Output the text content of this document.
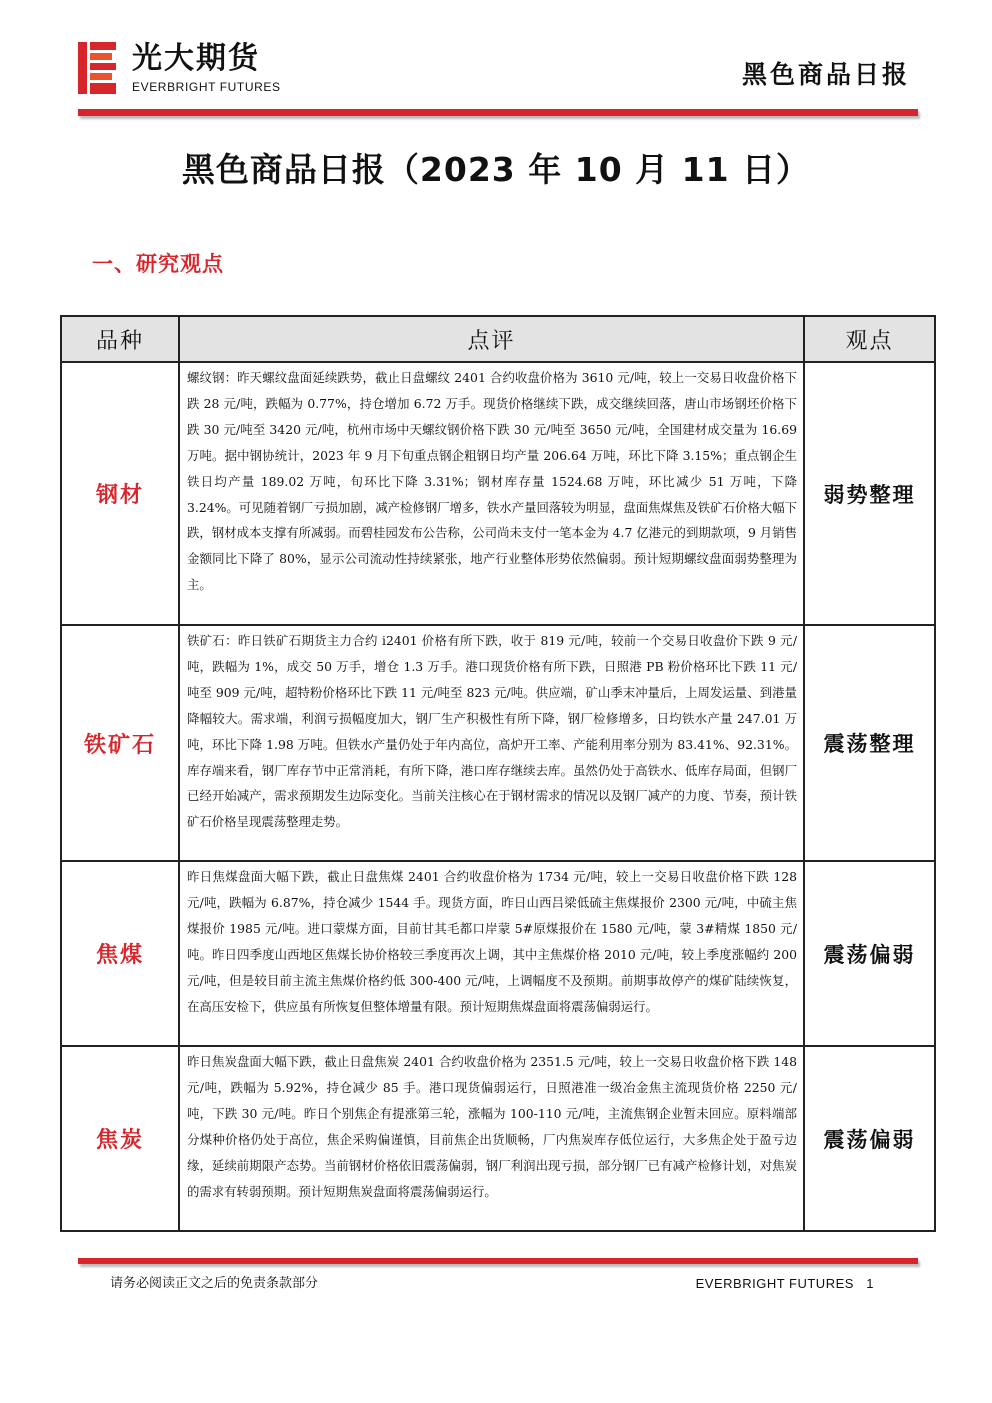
光大期货
EVERBRIGHT FUTURES	黑色商品日报
黑色商品日报（2023 年 10 月 11 日）
一、研究观点
品种	点评	观点
钢材	螺纹钢：昨天螺纹盘面延续跌势，截止日盘螺纹 2401 合约收盘价格为 3610 元/吨，较上一交易日收盘价格下跌 28 元/吨，跌幅为 0.77%，持仓增加 6.72 万手。现货价格继续下跌，成交继续回落，唐山市场钢坯价格下跌 30 元/吨至 3420 元/吨，杭州市场中天螺纹钢价格下跌 30 元/吨至 3650 元/吨，全国建材成交量为 16.69 万吨。据中钢协统计，2023 年 9 月下旬重点钢企粗钢日均产量 206.64 万吨，环比下降 3.15%；重点钢企生铁日均产量 189.02 万吨，旬环比下降 3.31%；钢材库存量 1524.68 万吨，环比减少 51 万吨，下降 3.24%。可见随着钢厂亏损加剧，减产检修钢厂增多，铁水产量回落较为明显，盘面焦煤焦及铁矿石价格大幅下跌，钢材成本支撑有所减弱。而碧桂园发布公告称，公司尚未支付一笔本金为 4.7 亿港元的到期款项，9 月销售金额同比下降了 80%，显示公司流动性持续紧张，地产行业整体形势依然偏弱。预计短期螺纹盘面弱势整理为主。	弱势整理
铁矿石	铁矿石：昨日铁矿石期货主力合约 i2401 价格有所下跌，收于 819 元/吨，较前一个交易日收盘价下跌 9 元/吨，跌幅为 1%，成交 50 万手，增仓 1.3 万手。港口现货价格有所下跌，日照港 PB 粉价格环比下跌 11 元/吨至 909 元/吨，超特粉价格环比下跌 11 元/吨至 823 元/吨。供应端，矿山季末冲量后，上周发运量、到港量降幅较大。需求端，利润亏损幅度加大，钢厂生产积极性有所下降，钢厂检修增多，日均铁水产量 247.01 万吨，环比下降 1.98 万吨。但铁水产量仍处于年内高位，高炉开工率、产能利用率分别为 83.41%、92.31%。库存端来看，钢厂库存节中正常消耗，有所下降，港口库存继续去库。虽然仍处于高铁水、低库存局面，但钢厂已经开始减产，需求预期发生边际变化。当前关注核心在于钢材需求的情况以及钢厂减产的力度、节奏，预计铁矿石价格呈现震荡整理走势。	震荡整理
焦煤	昨日焦煤盘面大幅下跌，截止日盘焦煤 2401 合约收盘价格为 1734 元/吨，较上一交易日收盘价格下跌 128 元/吨，跌幅为 6.87%，持仓减少 1544 手。现货方面，昨日山西吕梁低硫主焦煤报价 2300 元/吨，中硫主焦煤报价 1985 元/吨。进口蒙煤方面，目前甘其毛都口岸蒙 5#原煤报价在 1580 元/吨，蒙 3#精煤 1850 元/吨。昨日四季度山西地区焦煤长协价格较三季度再次上调，其中主焦煤价格 2010 元/吨，较上季度涨幅约 200 元/吨，但是较目前主流主焦煤价格约低 300-400 元/吨，上调幅度不及预期。前期事故停产的煤矿陆续恢复，在高压安检下，供应虽有所恢复但整体增量有限。预计短期焦煤盘面将震荡偏弱运行。	震荡偏弱
焦炭	昨日焦炭盘面大幅下跌，截止日盘焦炭 2401 合约收盘价格为 2351.5 元/吨，较上一交易日收盘价格下跌 148 元/吨，跌幅为 5.92%，持仓减少 85 手。港口现货偏弱运行，日照港准一级冶金焦主流现货价格 2250 元/吨，下跌 30 元/吨。昨日个别焦企有提涨第三轮，涨幅为 100-110 元/吨，主流焦钢企业暂未回应。原料端部分煤种价格仍处于高位，焦企采购偏谨慎，目前焦企出货顺畅，厂内焦炭库存低位运行，大多焦企处于盈亏边缘，延续前期限产态势。当前钢材价格依旧震荡偏弱，钢厂利润出现亏损，部分钢厂已有减产检修计划，对焦炭的需求有转弱预期。预计短期焦炭盘面将震荡偏弱运行。	震荡偏弱
请务必阅读正文之后的免责条款部分	EVERBRIGHT FUTURES 1
